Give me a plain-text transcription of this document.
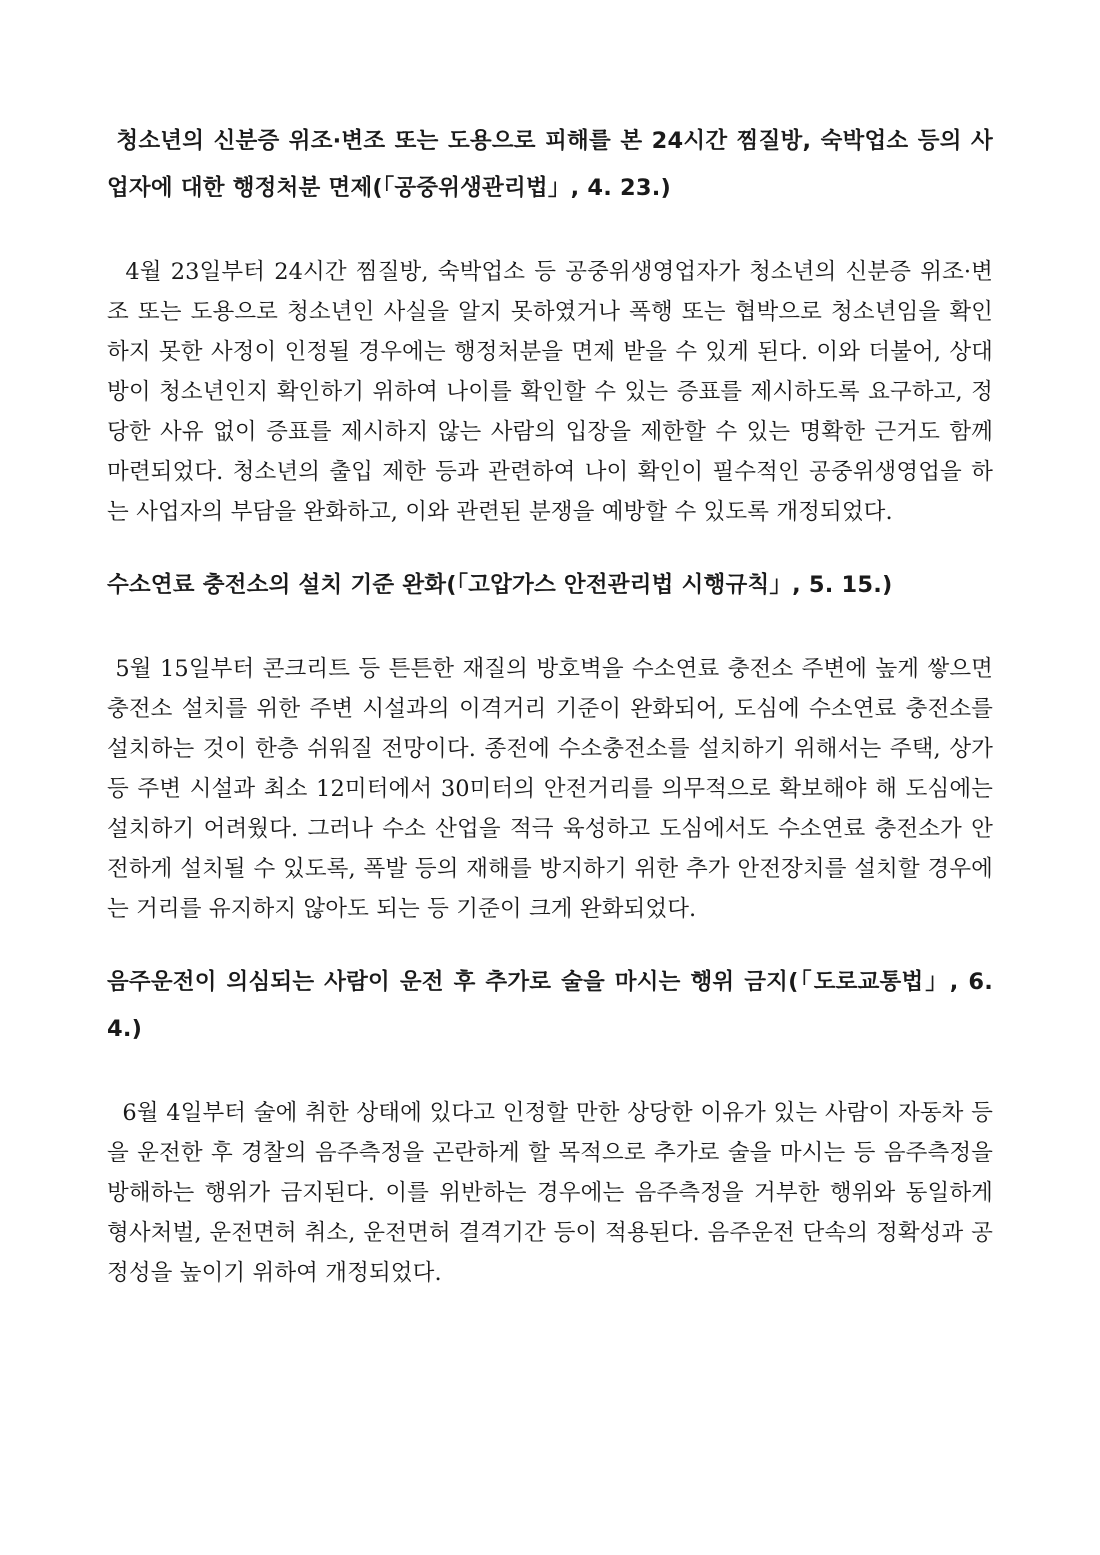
청소년의 신분증 위조·변조 또는 도용으로 피해를 본 24시간 찜질방, 숙박업소 등의 사업자에 대한 행정처분 면제(「공중위생관리법」, 4. 23.)

4월 23일부터 24시간 찜질방, 숙박업소 등 공중위생영업자가 청소년의 신분증 위조·변조 또는 도용으로 청소년인 사실을 알지 못하였거나 폭행 또는 협박으로 청소년임을 확인하지 못한 사정이 인정될 경우에는 행정처분을 면제 받을 수 있게 된다. 이와 더불어, 상대방이 청소년인지 확인하기 위하여 나이를 확인할 수 있는 증표를 제시하도록 요구하고, 정당한 사유 없이 증표를 제시하지 않는 사람의 입장을 제한할 수 있는 명확한 근거도 함께 마련되었다. 청소년의 출입 제한 등과 관련하여 나이 확인이 필수적인 공중위생영업을 하는 사업자의 부담을 완화하고, 이와 관련된 분쟁을 예방할 수 있도록 개정되었다.

수소연료 충전소의 설치 기준 완화(「고압가스 안전관리법 시행규칙」, 5. 15.)

5월 15일부터 콘크리트 등 튼튼한 재질의 방호벽을 수소연료 충전소 주변에 높게 쌓으면 충전소 설치를 위한 주변 시설과의 이격거리 기준이 완화되어, 도심에 수소연료 충전소를 설치하는 것이 한층 쉬워질 전망이다. 종전에 수소충전소를 설치하기 위해서는 주택, 상가 등 주변 시설과 최소 12미터에서 30미터의 안전거리를 의무적으로 확보해야 해 도심에는 설치하기 어려웠다. 그러나 수소 산업을 적극 육성하고 도심에서도 수소연료 충전소가 안전하게 설치될 수 있도록, 폭발 등의 재해를 방지하기 위한 추가 안전장치를 설치할 경우에는 거리를 유지하지 않아도 되는 등 기준이 크게 완화되었다.

음주운전이 의심되는 사람이 운전 후 추가로 술을 마시는 행위 금지(「도로교통법」, 6. 4.)

6월 4일부터 술에 취한 상태에 있다고 인정할 만한 상당한 이유가 있는 사람이 자동차 등을 운전한 후 경찰의 음주측정을 곤란하게 할 목적으로 추가로 술을 마시는 등 음주측정을 방해하는 행위가 금지된다. 이를 위반하는 경우에는 음주측정을 거부한 행위와 동일하게 형사처벌, 운전면허 취소, 운전면허 결격기간 등이 적용된다. 음주운전 단속의 정확성과 공정성을 높이기 위하여 개정되었다.
